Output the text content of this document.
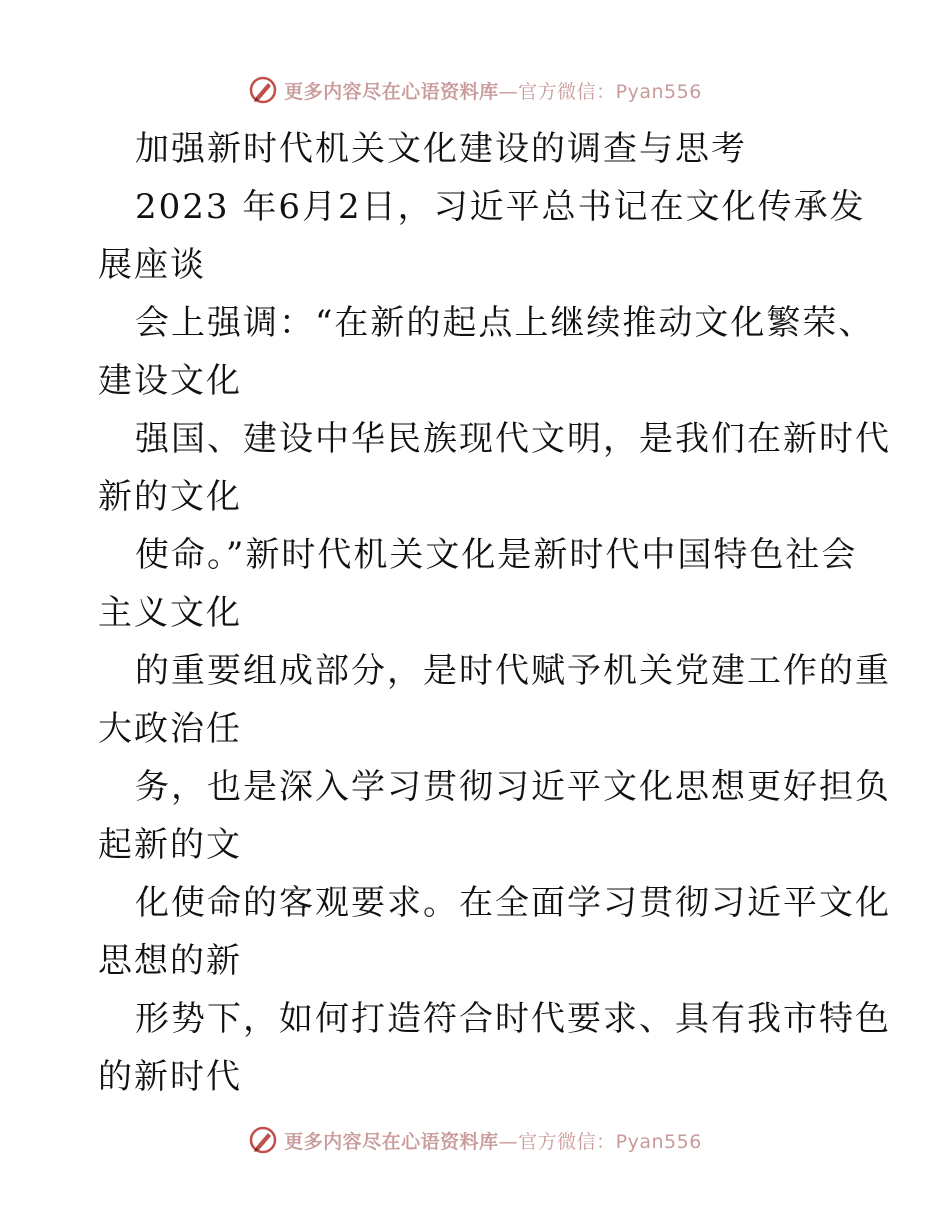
更多内容尽在心语资料库—官方微信：Pyan556
加强新时代机关文化建设的调查与思考
2023 年6月2日，习近平总书记在文化传承发
展座谈
会上强调：“在新的起点上继续推动文化繁荣、
建设文化
强国、建设中华民族现代文明，是我们在新时代
新的文化
使命。”新时代机关文化是新时代中国特色社会
主义文化
的重要组成部分，是时代赋予机关党建工作的重
大政治任
务，也是深入学习贯彻习近平文化思想更好担负
起新的文
化使命的客观要求。在全面学习贯彻习近平文化
思想的新
形势下，如何打造符合时代要求、具有我市特色
的新时代
更多内容尽在心语资料库—官方微信：Pyan556
